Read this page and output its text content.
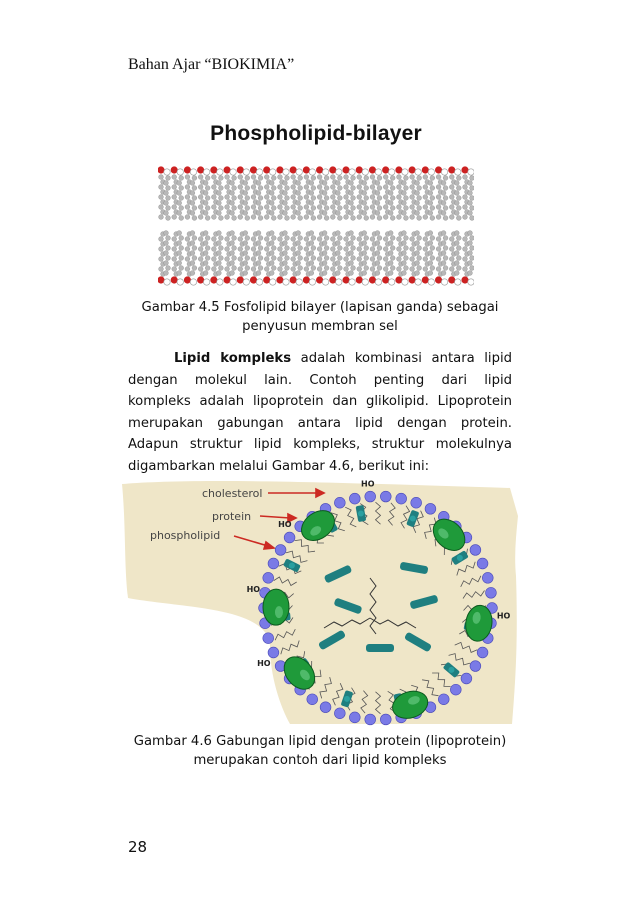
Bahan Ajar “BIOKIMIA”
Phospholipid-bilayer
Gambar 4.5 Fosfolipid bilayer (lapisan ganda) sebagai
penyusun membran sel
Lipid kompleks adalah kombinasi antara lipid
dengan molekul lain. Contoh penting dari lipid
kompleks adalah lipoprotein dan glikolipid. Lipoprotein
merupakan gabungan antara lipid dengan protein.
Adapun struktur lipid kompleks, struktur molekulnya
digambarkan melalui Gambar 4.6, berikut ini:
cholesterol
protein
phospholipid
HO
HO
HO
HO
HO
Gambar 4.6 Gabungan lipid dengan protein (lipoprotein)
merupakan contoh dari lipid kompleks
28
